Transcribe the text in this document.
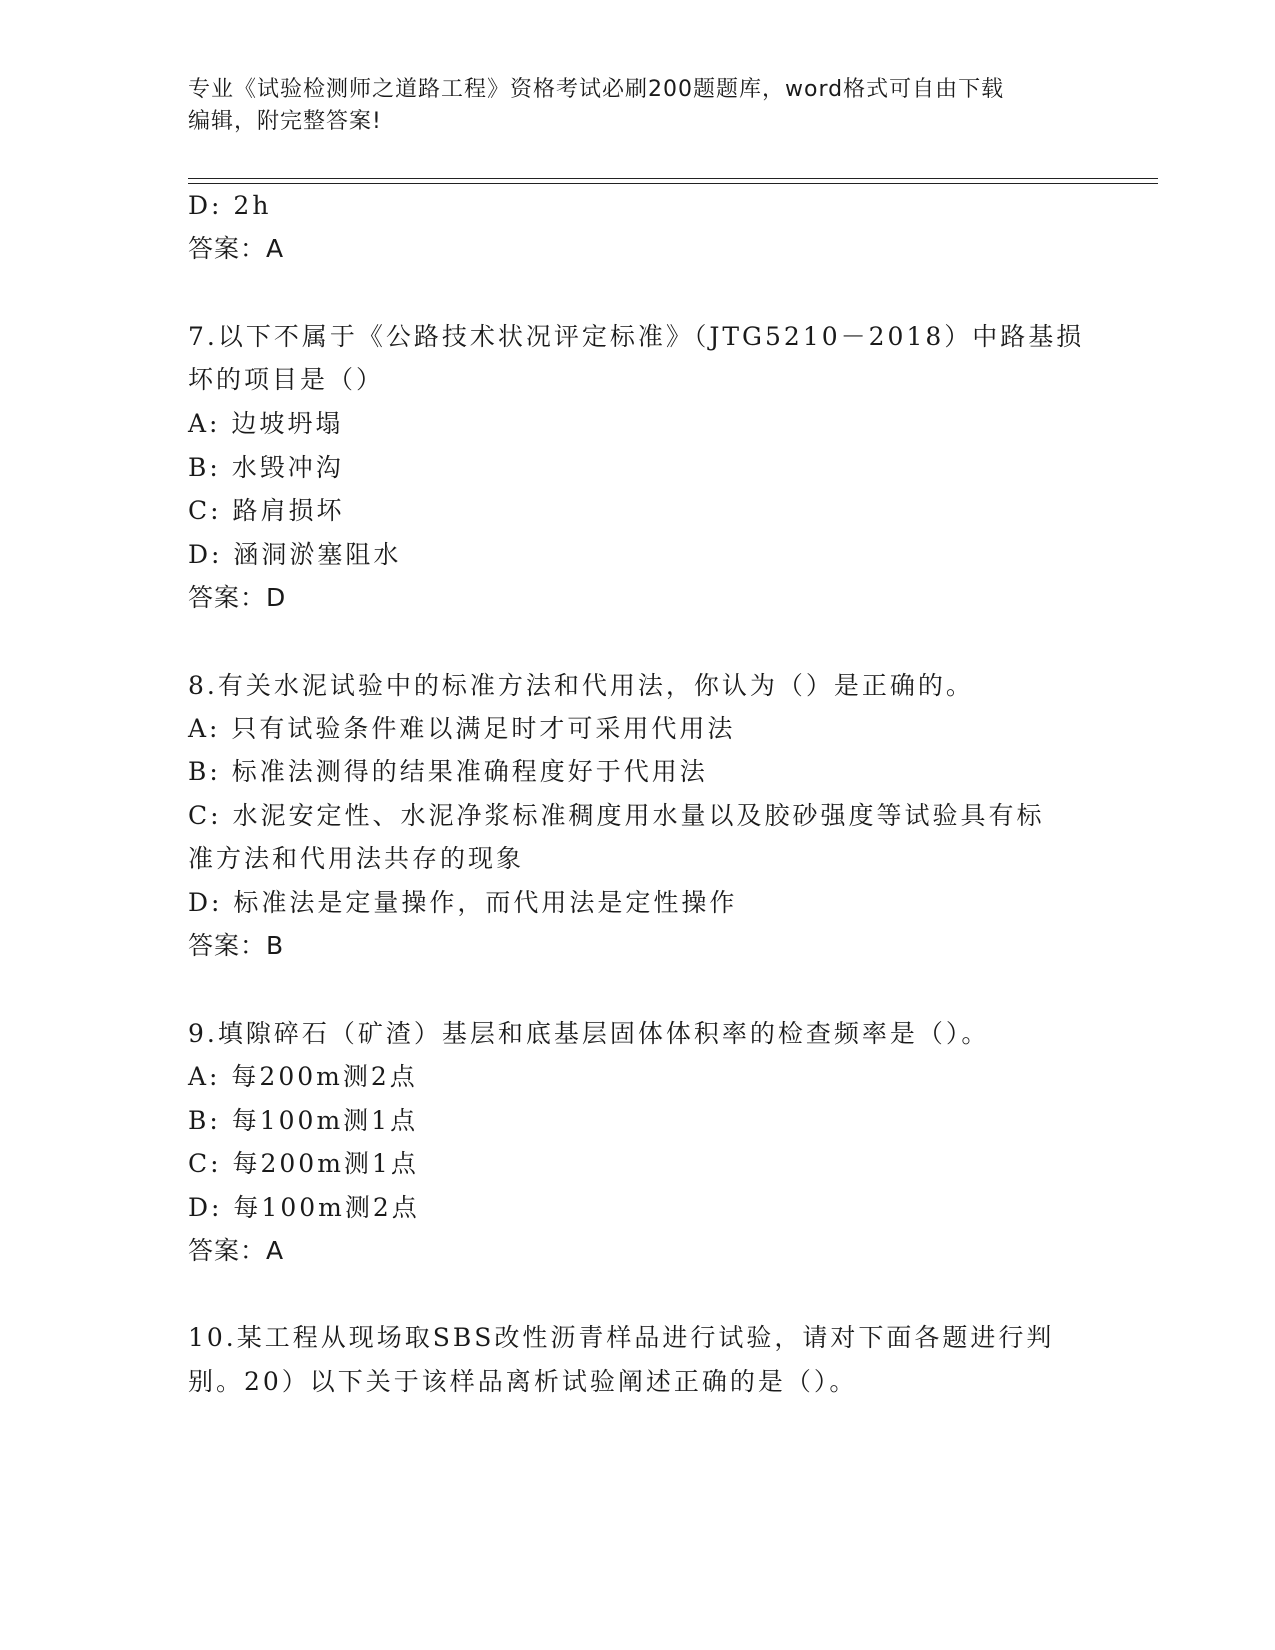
专业《试验检测师之道路工程》资格考试必刷200题题库，word格式可自由下载
编辑，附完整答案!
D: 2h
答案：A
7.以下不属于《公路技术状况评定标准》（JTG5210－2018）中路基损
坏的项目是（）
A: 边坡坍塌
B: 水毁冲沟
C: 路肩损坏
D: 涵洞淤塞阻水
答案：D
8.有关水泥试验中的标准方法和代用法，你认为（）是正确的。
A: 只有试验条件难以满足时才可采用代用法
B: 标准法测得的结果准确程度好于代用法
C: 水泥安定性、水泥净浆标准稠度用水量以及胶砂强度等试验具有标
准方法和代用法共存的现象
D: 标准法是定量操作，而代用法是定性操作
答案：B
9.填隙碎石（矿渣）基层和底基层固体体积率的检查频率是（）。
A: 每200m测2点
B: 每100m测1点
C: 每200m测1点
D: 每100m测2点
答案：A
10.某工程从现场取SBS改性沥青样品进行试验，请对下面各题进行判
别。20）以下关于该样品离析试验阐述正确的是（）。
